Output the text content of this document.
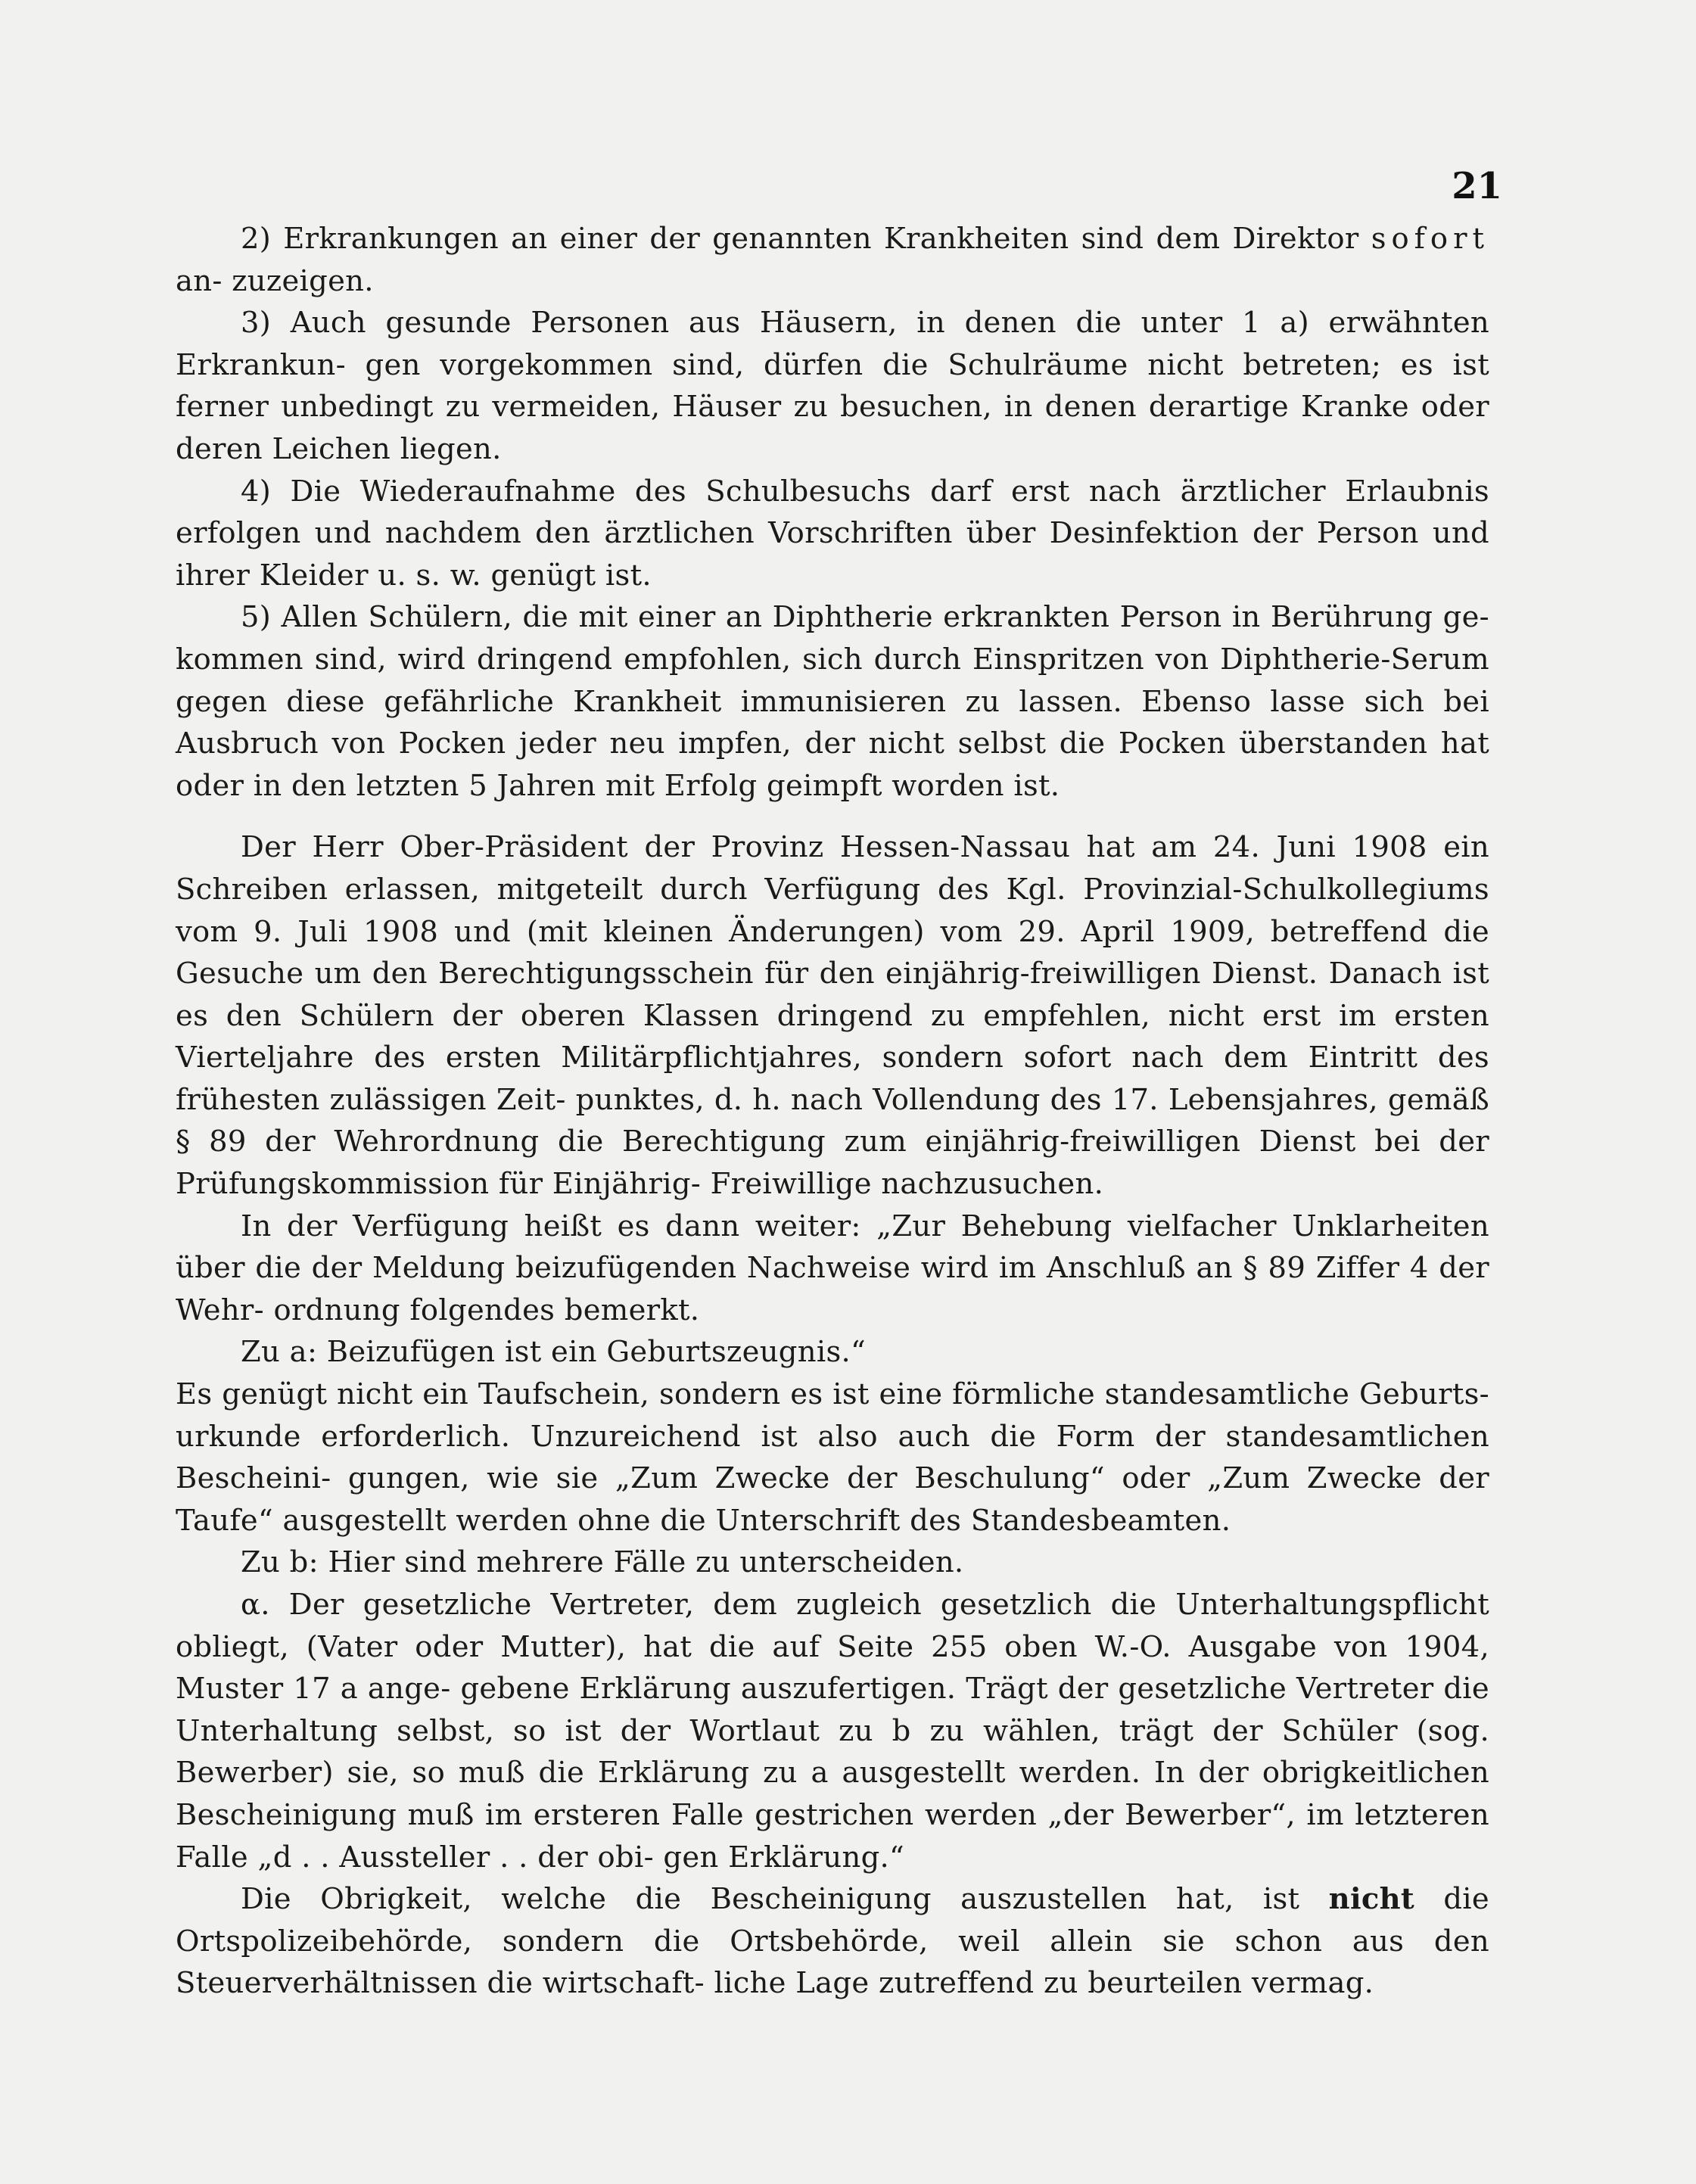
21

2) Erkrankungen an einer der genannten Krankheiten sind dem Direktor sofort an- zuzeigen.

3) Auch gesunde Personen aus Häusern, in denen die unter 1 a) erwähnten Erkrankun- gen vorgekommen sind, dürfen die Schulräume nicht betreten; es ist ferner unbedingt zu vermeiden, Häuser zu besuchen, in denen derartige Kranke oder deren Leichen liegen.

4) Die Wiederaufnahme des Schulbesuchs darf erst nach ärztlicher Erlaubnis erfolgen und nachdem den ärztlichen Vorschriften über Desinfektion der Person und ihrer Kleider u. s. w. genügt ist.

5) Allen Schülern, die mit einer an Diphtherie erkrankten Person in Berührung ge- kommen sind, wird dringend empfohlen, sich durch Einspritzen von Diphtherie-Serum gegen diese gefährliche Krankheit immunisieren zu lassen. Ebenso lasse sich bei Ausbruch von Pocken jeder neu impfen, der nicht selbst die Pocken überstanden hat oder in den letzten 5 Jahren mit Erfolg geimpft worden ist.

Der Herr Ober-Präsident der Provinz Hessen-Nassau hat am 24. Juni 1908 ein Schreiben erlassen, mitgeteilt durch Verfügung des Kgl. Provinzial-Schulkollegiums vom 9. Juli 1908 und (mit kleinen Änderungen) vom 29. April 1909, betreffend die Gesuche um den Berechtigungsschein für den einjährig-freiwilligen Dienst. Danach ist es den Schülern der oberen Klassen dringend zu empfehlen, nicht erst im ersten Vierteljahre des ersten Militärpflichtjahres, sondern sofort nach dem Eintritt des frühesten zulässigen Zeit- punktes, d. h. nach Vollendung des 17. Lebensjahres, gemäß § 89 der Wehrordnung die Berechtigung zum einjährig-freiwilligen Dienst bei der Prüfungskommission für Einjährig- Freiwillige nachzusuchen.

In der Verfügung heißt es dann weiter: „Zur Behebung vielfacher Unklarheiten über die der Meldung beizufügenden Nachweise wird im Anschluß an § 89 Ziffer 4 der Wehr- ordnung folgendes bemerkt.

Zu a: Beizufügen ist ein Geburtszeugnis.“

Es genügt nicht ein Taufschein, sondern es ist eine förmliche standesamtliche Geburts- urkunde erforderlich. Unzureichend ist also auch die Form der standesamtlichen Bescheini- gungen, wie sie „Zum Zwecke der Beschulung“ oder „Zum Zwecke der Taufe“ ausgestellt werden ohne die Unterschrift des Standesbeamten.

Zu b: Hier sind mehrere Fälle zu unterscheiden.

α. Der gesetzliche Vertreter, dem zugleich gesetzlich die Unterhaltungspflicht obliegt, (Vater oder Mutter), hat die auf Seite 255 oben W.-O. Ausgabe von 1904, Muster 17 a ange- gebene Erklärung auszufertigen. Trägt der gesetzliche Vertreter die Unterhaltung selbst, so ist der Wortlaut zu b zu wählen, trägt der Schüler (sog. Bewerber) sie, so muß die Erklärung zu a ausgestellt werden. In der obrigkeitlichen Bescheinigung muß im ersteren Falle gestrichen werden „der Bewerber“, im letzteren Falle „d . . Aussteller . . der obi- gen Erklärung.“

Die Obrigkeit, welche die Bescheinigung auszustellen hat, ist nicht die Ortspolizeibehörde, sondern die Ortsbehörde, weil allein sie schon aus den Steuerverhältnissen die wirtschaft- liche Lage zutreffend zu beurteilen vermag.
